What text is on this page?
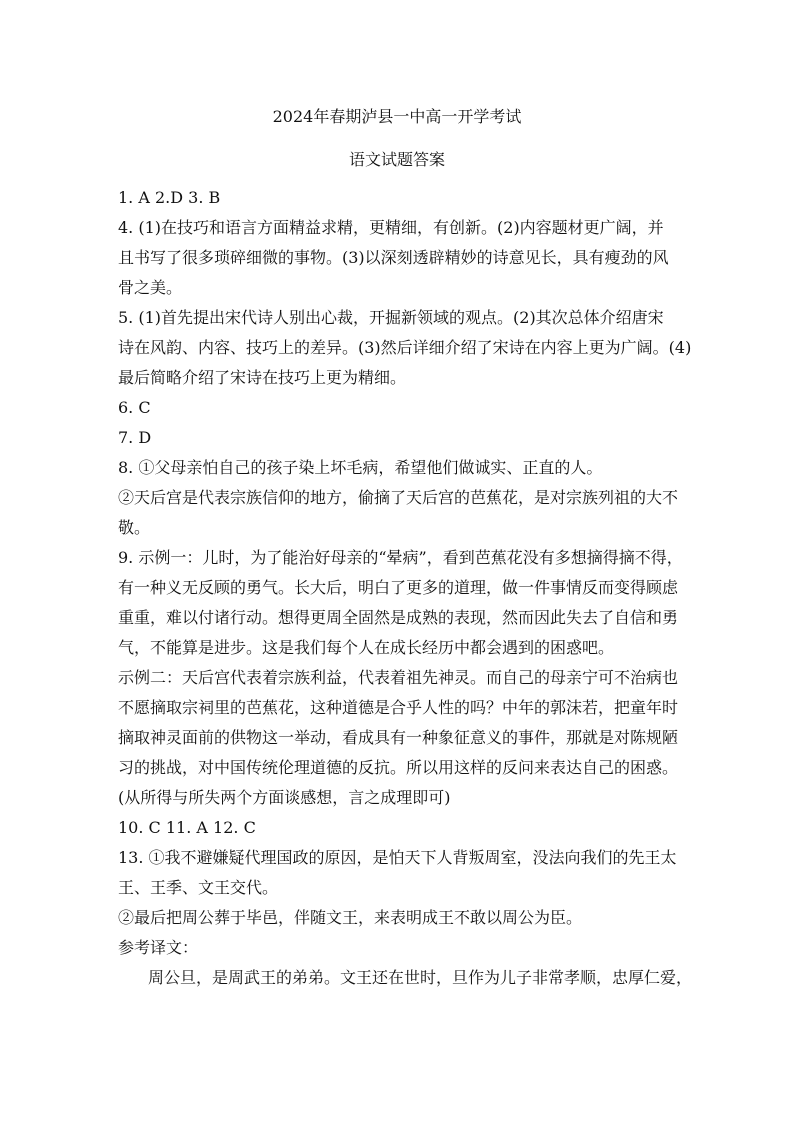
2024年春期泸县一中高一开学考试
语文试题答案
1. A 2.D 3. B
4. (1)在技巧和语言方面精益求精，更精细，有创新。(2)内容题材更广阔，并
且书写了很多琐碎细微的事物。(3)以深刻透辟精妙的诗意见长，具有瘦劲的风
骨之美。
5. (1)首先提出宋代诗人别出心裁，开掘新领域的观点。(2)其次总体介绍唐宋
诗在风韵、内容、技巧上的差异。(3)然后详细介绍了宋诗在内容上更为广阔。(4)
最后简略介绍了宋诗在技巧上更为精细。
6. C
7. D
8. ①父母亲怕自己的孩子染上坏毛病，希望他们做诚实、正直的人。
②天后宫是代表宗族信仰的地方，偷摘了天后宫的芭蕉花，是对宗族列祖的大不
敬。
9. 示例一：儿时，为了能治好母亲的“晕病”，看到芭蕉花没有多想摘得摘不得，
有一种义无反顾的勇气。长大后，明白了更多的道理，做一件事情反而变得顾虑
重重，难以付诸行动。想得更周全固然是成熟的表现，然而因此失去了自信和勇
气，不能算是进步。这是我们每个人在成长经历中都会遇到的困惑吧。
示例二：天后宫代表着宗族利益，代表着祖先神灵。而自己的母亲宁可不治病也
不愿摘取宗祠里的芭蕉花，这种道德是合乎人性的吗？中年的郭沫若，把童年时
摘取神灵面前的供物这一举动，看成具有一种象征意义的事件，那就是对陈规陋
习的挑战，对中国传统伦理道德的反抗。所以用这样的反问来表达自己的困惑。
(从所得与所失两个方面谈感想，言之成理即可)
10. C 11. A 12. C
13. ①我不避嫌疑代理国政的原因，是怕天下人背叛周室，没法向我们的先王太
王、王季、文王交代。
②最后把周公葬于毕邑，伴随文王，来表明成王不敢以周公为臣。
参考译文：
周公旦，是周武王的弟弟。文王还在世时，旦作为儿子非常孝顺，忠厚仁爱，
